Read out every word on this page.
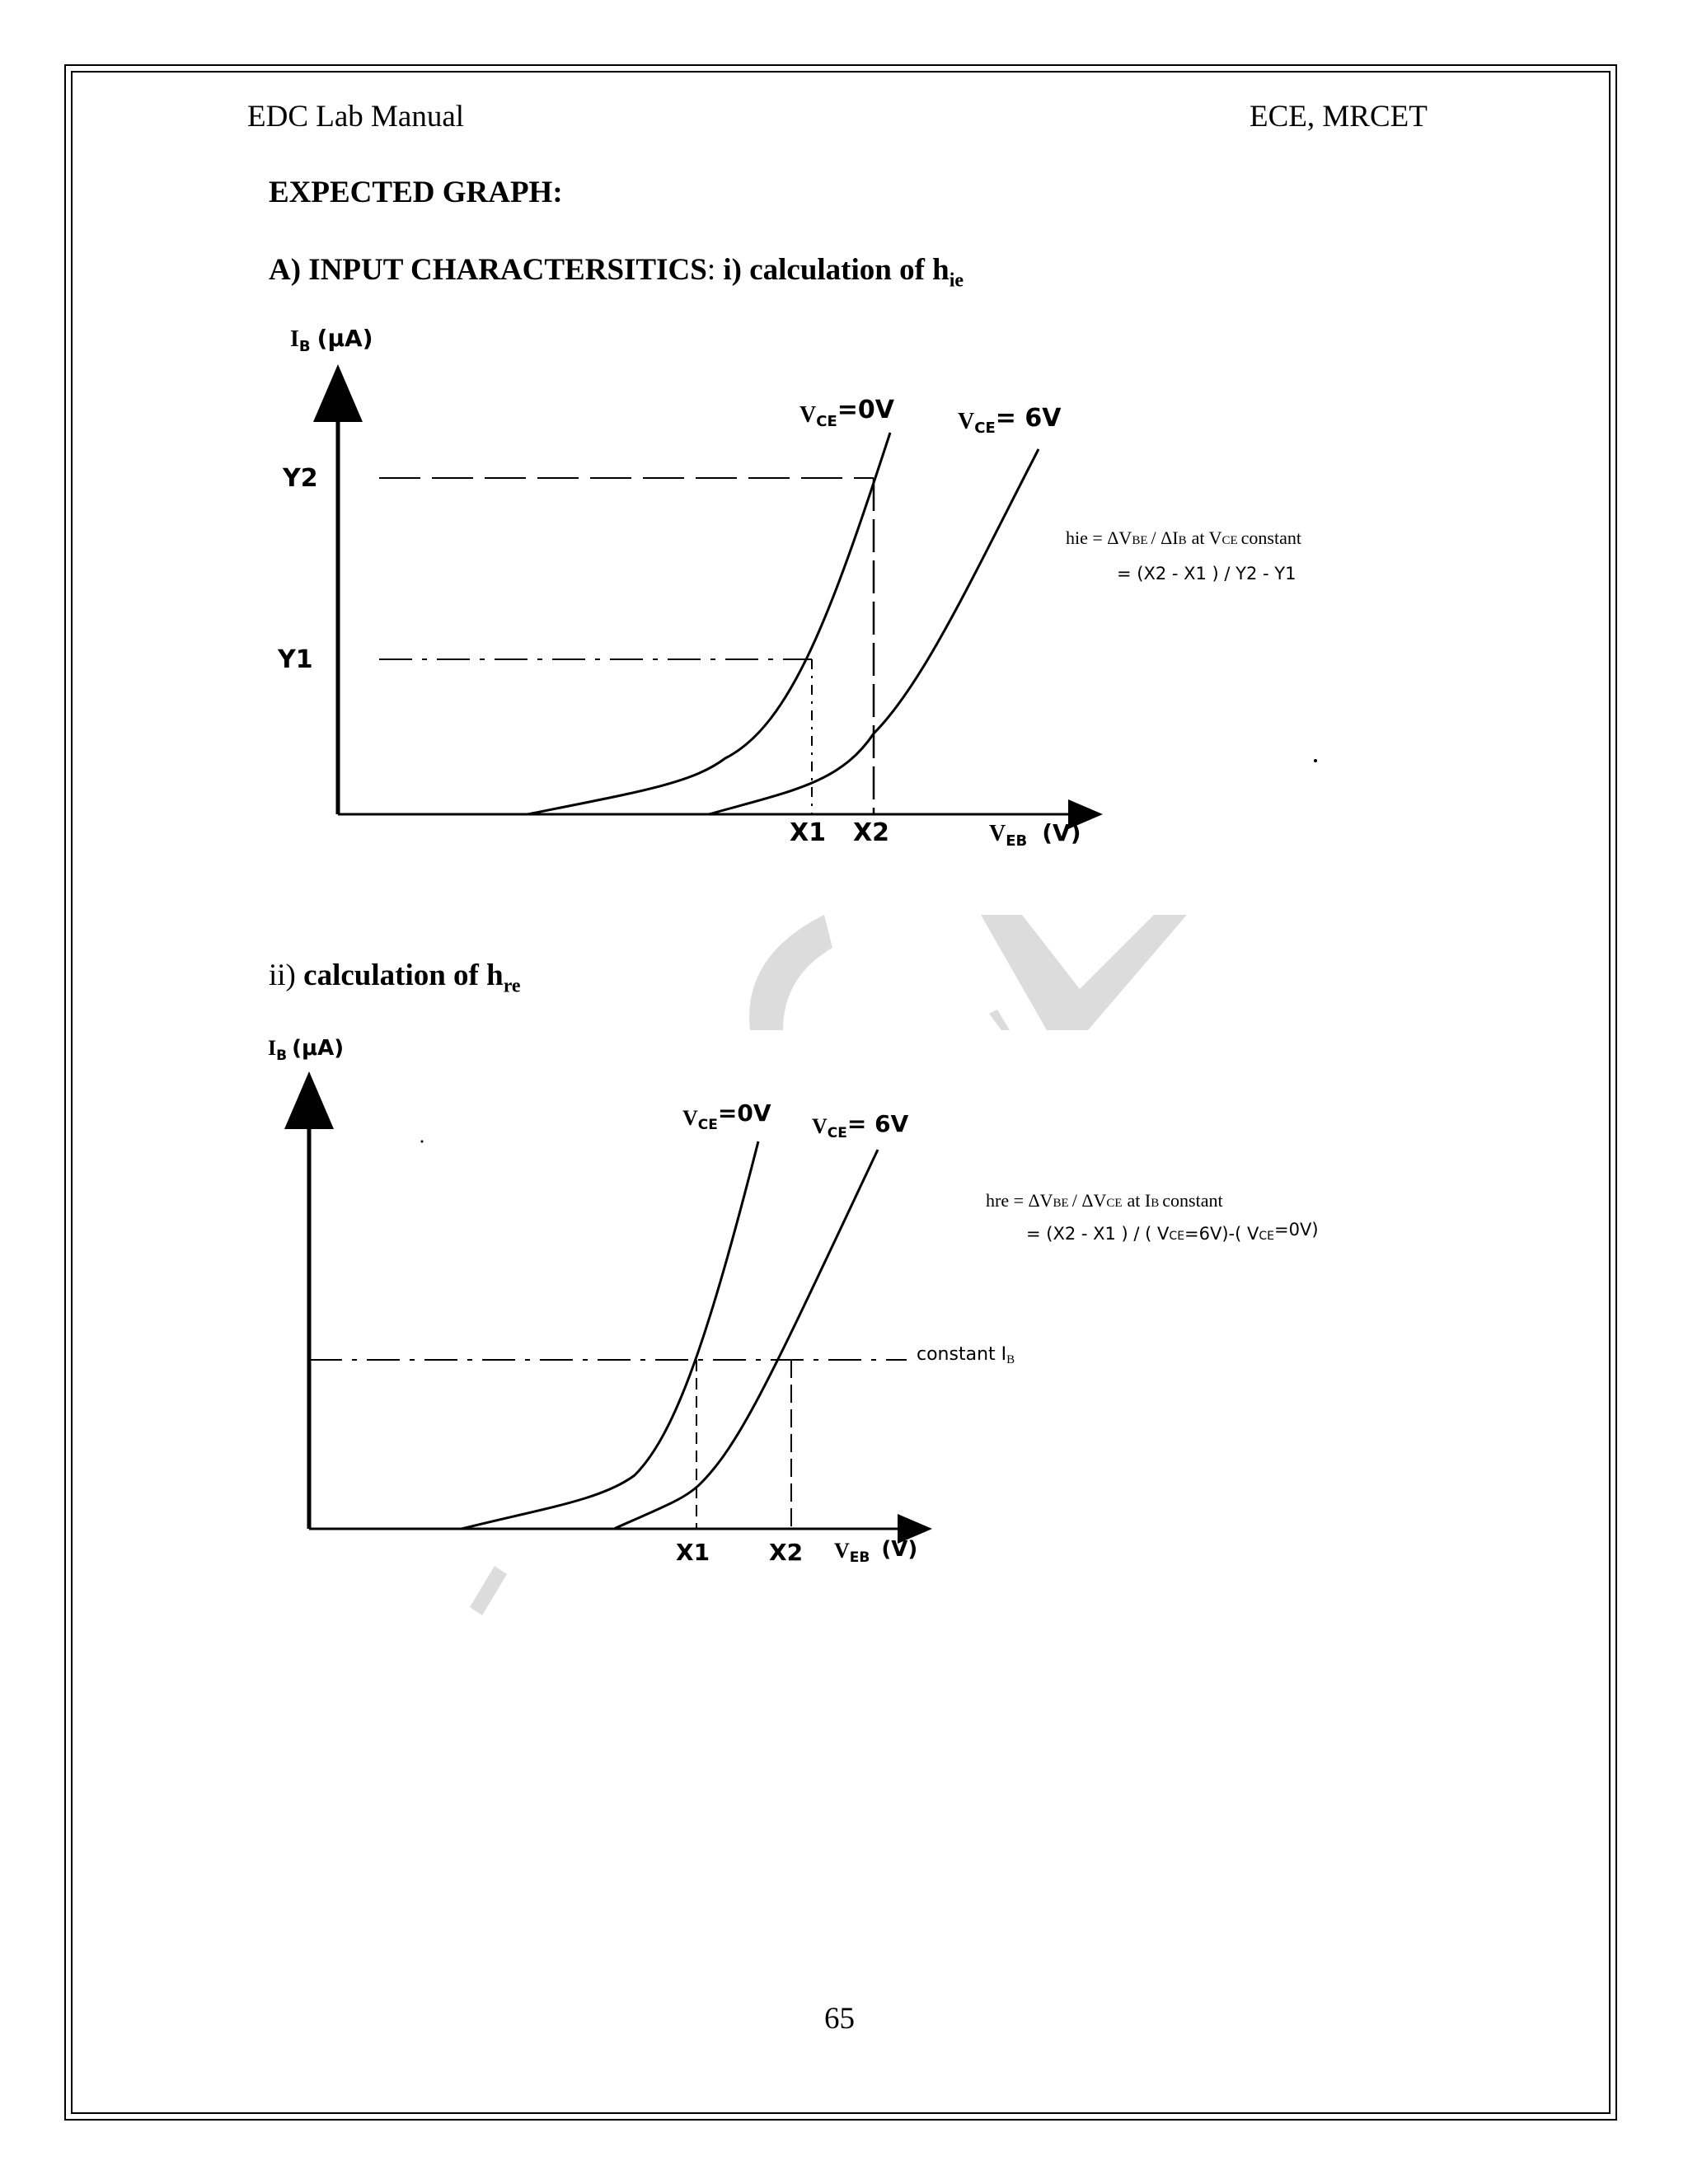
EDC Lab Manual	ECE, MRCET
EXPECTED GRAPH:
A) INPUT CHARACTERSITICS: i) calculation of $h_{ie}$
ii) calculation of $h_{re}$
$I_B$ (μA)
Y2
Y1
X1 X2	$V_{EB}$ (V)
VCE=0V	VCE= 6V
hie = ΔVBE / ΔIB at VCE constant
= (X2 - X1 ) / Y2 - Y1
$I_B$ (μA)
X1	X2 VEB (V)
VCE=0V VCE= 6V
constant IB
hre = ΔVBE / ΔVCE at IB constant
= (X2 - X1 ) / ( VCE=6V)-( VCE=0V)
65
